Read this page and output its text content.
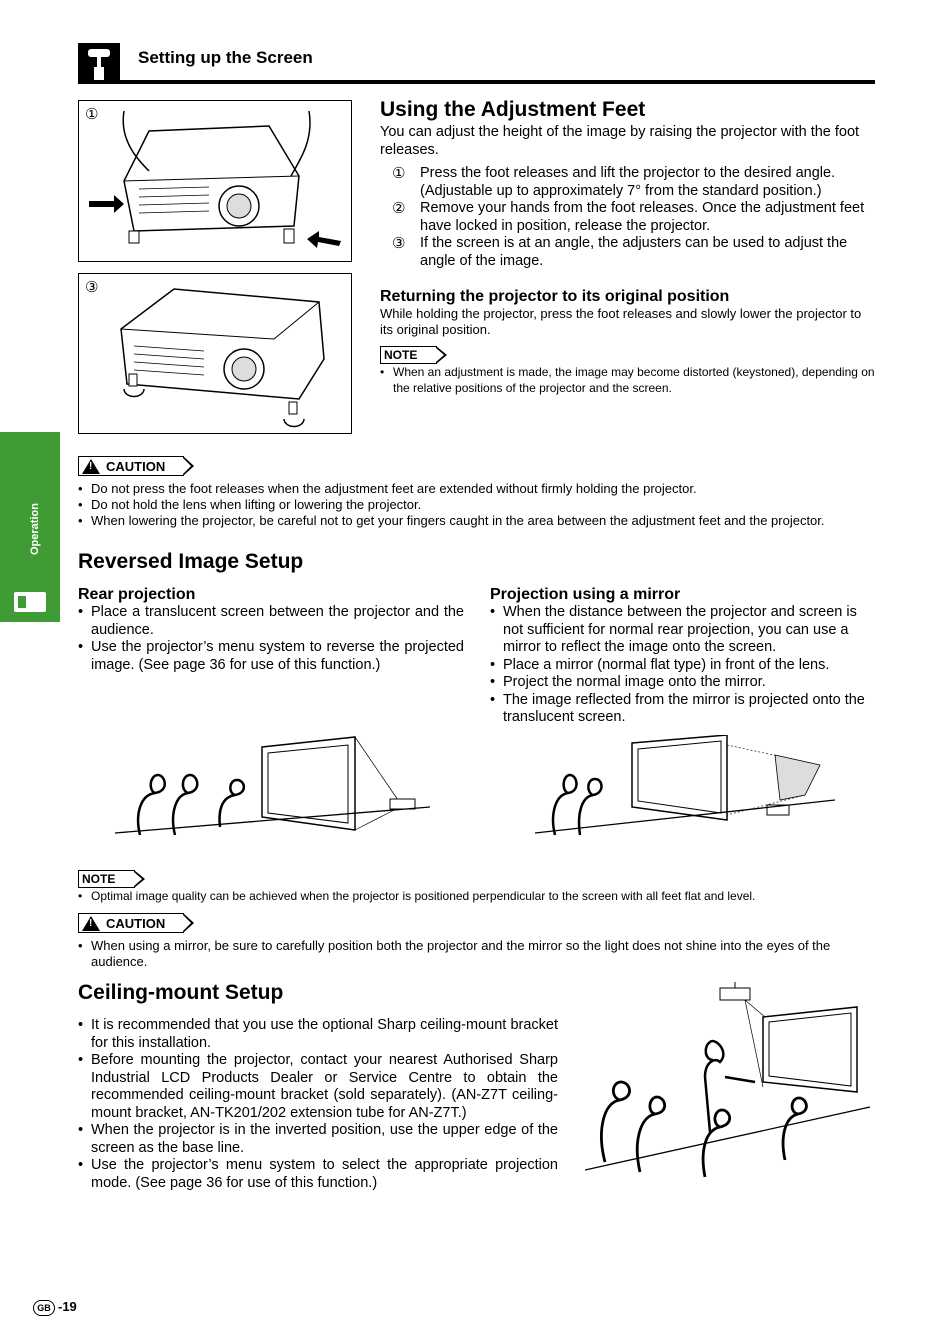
Setting up the Screen
Operation
①
③
Using the Adjustment Feet
You can adjust the height of the image by raising the projector with the foot releases.
① Press the foot releases and lift the projector to the desired angle. (Adjustable up to approximately 7° from the standard position.)
② Remove your hands from the foot releases. Once the adjustment feet have locked in position, release the projector.
③ If the screen is at an angle, the adjusters can be used to adjust the angle of the image.
Returning the projector to its original position
While holding the projector, press the foot releases and slowly lower the projector to its original position.
NOTE
• When an adjustment is made, the image may become distorted (keystoned), depending on the relative positions of the projector and the screen.
!
CAUTION
• Do not press the foot releases when the adjustment feet are extended without firmly holding the projector.
• Do not hold the lens when lifting or lowering the projector.
• When lowering the projector, be careful not to get your fingers caught in the area between the adjustment feet and the projector.
Reversed Image Setup
Rear projection
• Place a translucent screen between the projector and the audience.
• Use the projector’s menu system to reverse the projected image. (See page 36 for use of this function.)
Projection using a mirror
• When the distance between the projector and screen is not sufficient for normal rear projection, you can use a mirror to reflect the image onto the screen.
• Place a mirror (normal flat type) in front of the lens.
• Project the normal image onto the mirror.
• The image reflected from the mirror is projected onto the translucent screen.
NOTE
• Optimal image quality can be achieved when the projector is positioned perpendicular to the screen with all feet flat and level.
!
CAUTION
• When using a mirror, be sure to carefully position both the projector and the mirror so the light does not shine into the eyes of the audience.
Ceiling-mount Setup
• It is recommended that you use the optional Sharp ceiling-mount bracket for this installation.
• Before mounting the projector, contact your nearest Authorised Sharp Industrial LCD Products Dealer or Service Centre to obtain the recommended ceiling-mount bracket (sold separately). (AN-Z7T ceiling-mount bracket, AN-TK201/202 extension tube for AN-Z7T.)
• When the projector is in the inverted position, use the upper edge of the screen as the base line.
• Use the projector’s menu system to select the appropriate projection mode. (See page 36 for use of this function.)
GB -19
